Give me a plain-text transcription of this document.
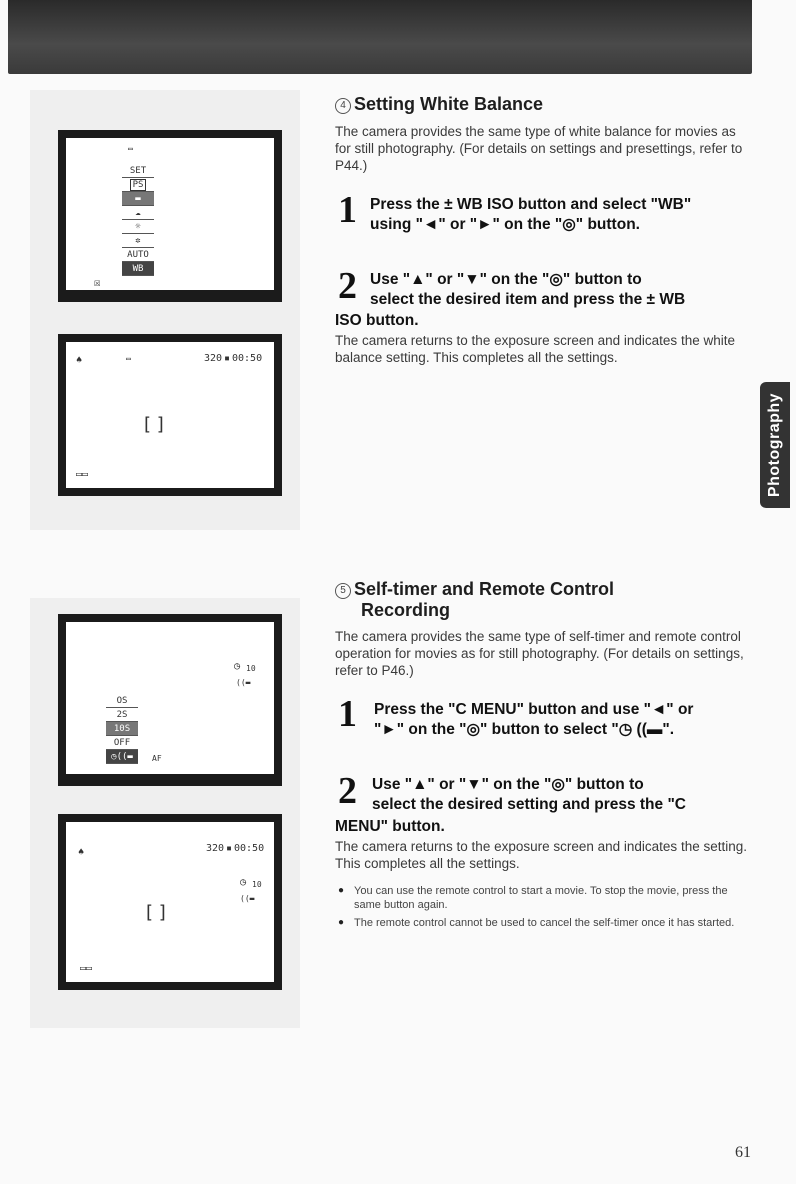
▭
SET
PS
▬
☁
☼
✲
AUTO
WB
☒
♠	▭	320 ▪ 00:50
[ ]
▭▭
◷ 10
((▬
OS
2S
10S
OFF
◷((▬	AF
♠	320 ▪ 00:50
◷ 10
((▬
[ ]
▭▭
4 Setting White Balance
The camera provides the same type of white balance for movies as for still photography. (For details on settings and presettings, refer to P44.)
1 Press the ± WB ISO button and select "WB"
using "◄" or "►" on the "◎" button.
2 Use "▲" or "▼" on the "◎" button to
select the desired item and press the ± WB
ISO button.
The camera returns to the exposure screen and indicates the white balance setting. This completes all the settings.
Photography
5 Self-timer and Remote Control
Recording
The camera provides the same type of self-timer and remote control operation for movies as for still photography. (For details on settings, refer to P46.)
1 Press the "C MENU" button and use "◄" or
"►" on the "◎" button to select "◷ ((▬".
2 Use "▲" or "▼" on the "◎" button to
select the desired setting and press the "C
MENU" button.
The camera returns to the exposure screen and indicates the setting. This completes all the settings.
● You can use the remote control to start a movie. To stop the movie, press the same button again.
● The remote control cannot be used to cancel the self-timer once it has started.
61
